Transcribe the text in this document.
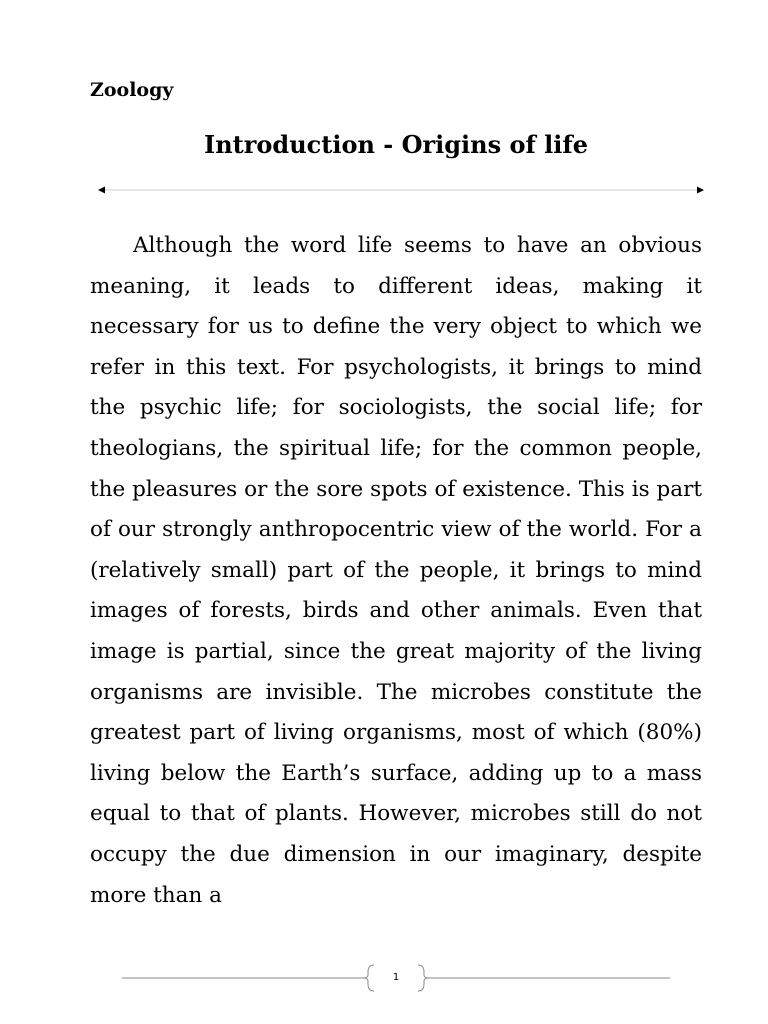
Zoology
Introduction - Origins of life

Although the word life seems to have an obvious meaning, it leads to different ideas, making it necessary for us to define the very object to which we refer in this text. For psychologists, it brings to mind the psychic life; for sociologists, the social life; for theologians, the spiritual life; for the common people, the pleasures or the sore spots of existence. This is part of our strongly anthropocentric view of the world. For a (relatively small) part of the people, it brings to mind images of forests, birds and other animals. Even that image is partial, since the great majority of the living organisms are invisible. The microbes constitute the greatest part of living organisms, most of which (80%) living below the Earth’s surface, adding up to a mass equal to that of plants. However, microbes still do not occupy the due dimension in our imaginary, despite more than a

1
